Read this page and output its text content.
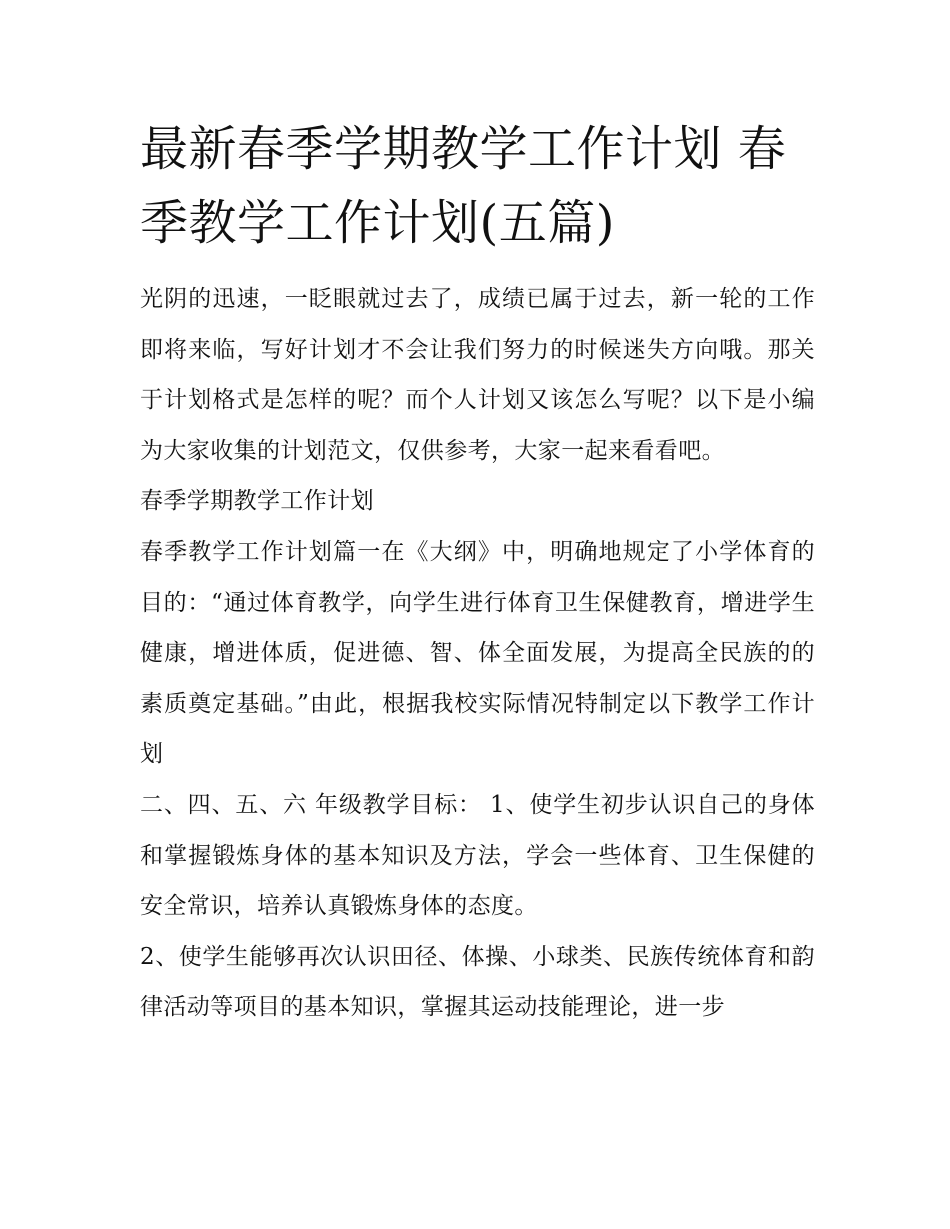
最新春季学期教学工作计划 春季教学工作计划(五篇)

光阴的迅速，一眨眼就过去了，成绩已属于过去，新一轮的工作即将来临，写好计划才不会让我们努力的时候迷失方向哦。那关于计划格式是怎样的呢？而个人计划又该怎么写呢？以下是小编为大家收集的计划范文，仅供参考，大家一起来看看吧。

春季学期教学工作计划

春季教学工作计划篇一在《大纲》中，明确地规定了小学体育的目的：“通过体育教学，向学生进行体育卫生保健教育，增进学生健康，增进体质，促进德、智、体全面发展，为提高全民族的的素质奠定基础。”由此，根据我校实际情况特制定以下教学工作计划

二、四、五、六 年级教学目标： 1、使学生初步认识自己的身体和掌握锻炼身体的基本知识及方法，学会一些体育、卫生保健的安全常识，培养认真锻炼身体的态度。

2、使学生能够再次认识田径、体操、小球类、民族传统体育和韵律活动等项目的基本知识，掌握其运动技能理论，进一步
